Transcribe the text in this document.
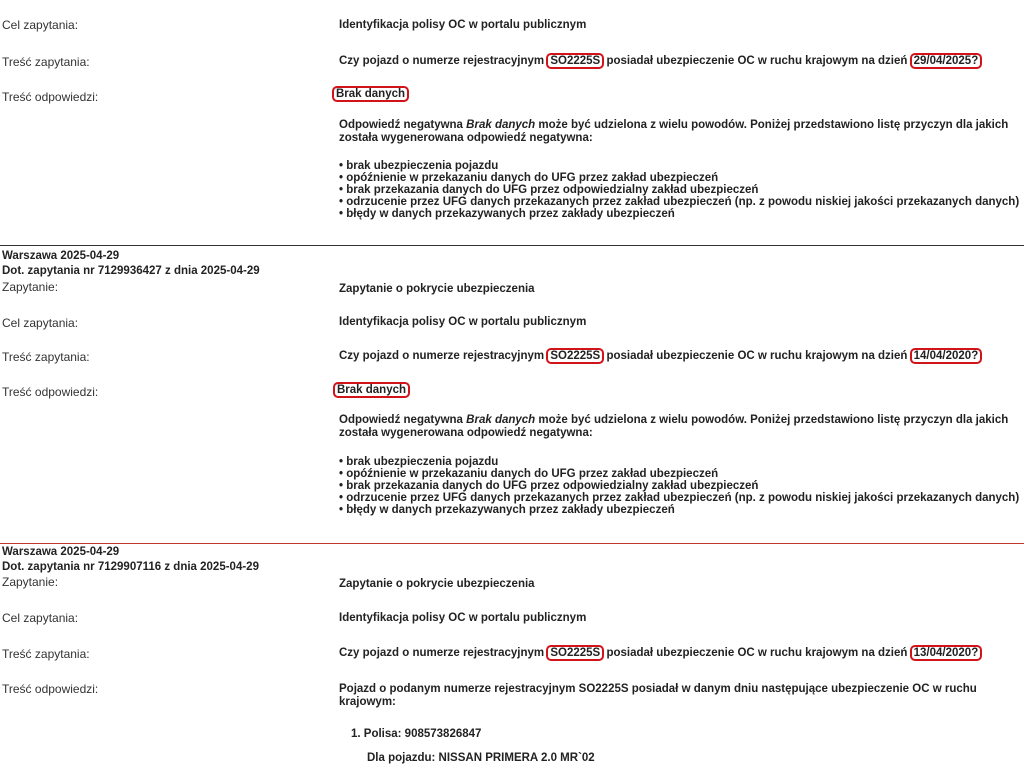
Cel zapytania:	Identyfikacja polisy OC w portalu publicznym
Treść zapytania:	Czy pojazd o numerze rejestracyjnym SO2225S posiadał ubezpieczenie OC w ruchu krajowym na dzień 29/04/2025?
Treść odpowiedzi:	Brak danych
Odpowiedź negatywna Brak danych może być udzielona z wielu powodów. Poniżej przedstawiono listę przyczyn dla jakich została wygenerowana odpowiedź negatywna:
• brak ubezpieczenia pojazdu
• opóźnienie w przekazaniu danych do UFG przez zakład ubezpieczeń
• brak przekazania danych do UFG przez odpowiedzialny zakład ubezpieczeń
• odrzucenie przez UFG danych przekazanych przez zakład ubezpieczeń (np. z powodu niskiej jakości przekazanych danych)
• błędy w danych przekazywanych przez zakłady ubezpieczeń
Warszawa 2025-04-29
Dot. zapytania nr 7129936427 z dnia 2025-04-29
Zapytanie:	Zapytanie o pokrycie ubezpieczenia
Cel zapytania:	Identyfikacja polisy OC w portalu publicznym
Treść zapytania:	Czy pojazd o numerze rejestracyjnym SO2225S posiadał ubezpieczenie OC w ruchu krajowym na dzień 14/04/2020?
Treść odpowiedzi:	Brak danych
Odpowiedź negatywna Brak danych może być udzielona z wielu powodów. Poniżej przedstawiono listę przyczyn dla jakich została wygenerowana odpowiedź negatywna:
• brak ubezpieczenia pojazdu
• opóźnienie w przekazaniu danych do UFG przez zakład ubezpieczeń
• brak przekazania danych do UFG przez odpowiedzialny zakład ubezpieczeń
• odrzucenie przez UFG danych przekazanych przez zakład ubezpieczeń (np. z powodu niskiej jakości przekazanych danych)
• błędy w danych przekazywanych przez zakłady ubezpieczeń
Warszawa 2025-04-29
Dot. zapytania nr 7129907116 z dnia 2025-04-29
Zapytanie:	Zapytanie o pokrycie ubezpieczenia
Cel zapytania:	Identyfikacja polisy OC w portalu publicznym
Treść zapytania:	Czy pojazd o numerze rejestracyjnym SO2225S posiadał ubezpieczenie OC w ruchu krajowym na dzień 13/04/2020?
Treść odpowiedzi:	Pojazd o podanym numerze rejestracyjnym SO2225S posiadał w danym dniu następujące ubezpieczenie OC w ruchu krajowym:
1. Polisa: 908573826847
Dla pojazdu: NISSAN PRIMERA 2.0 MR`02
